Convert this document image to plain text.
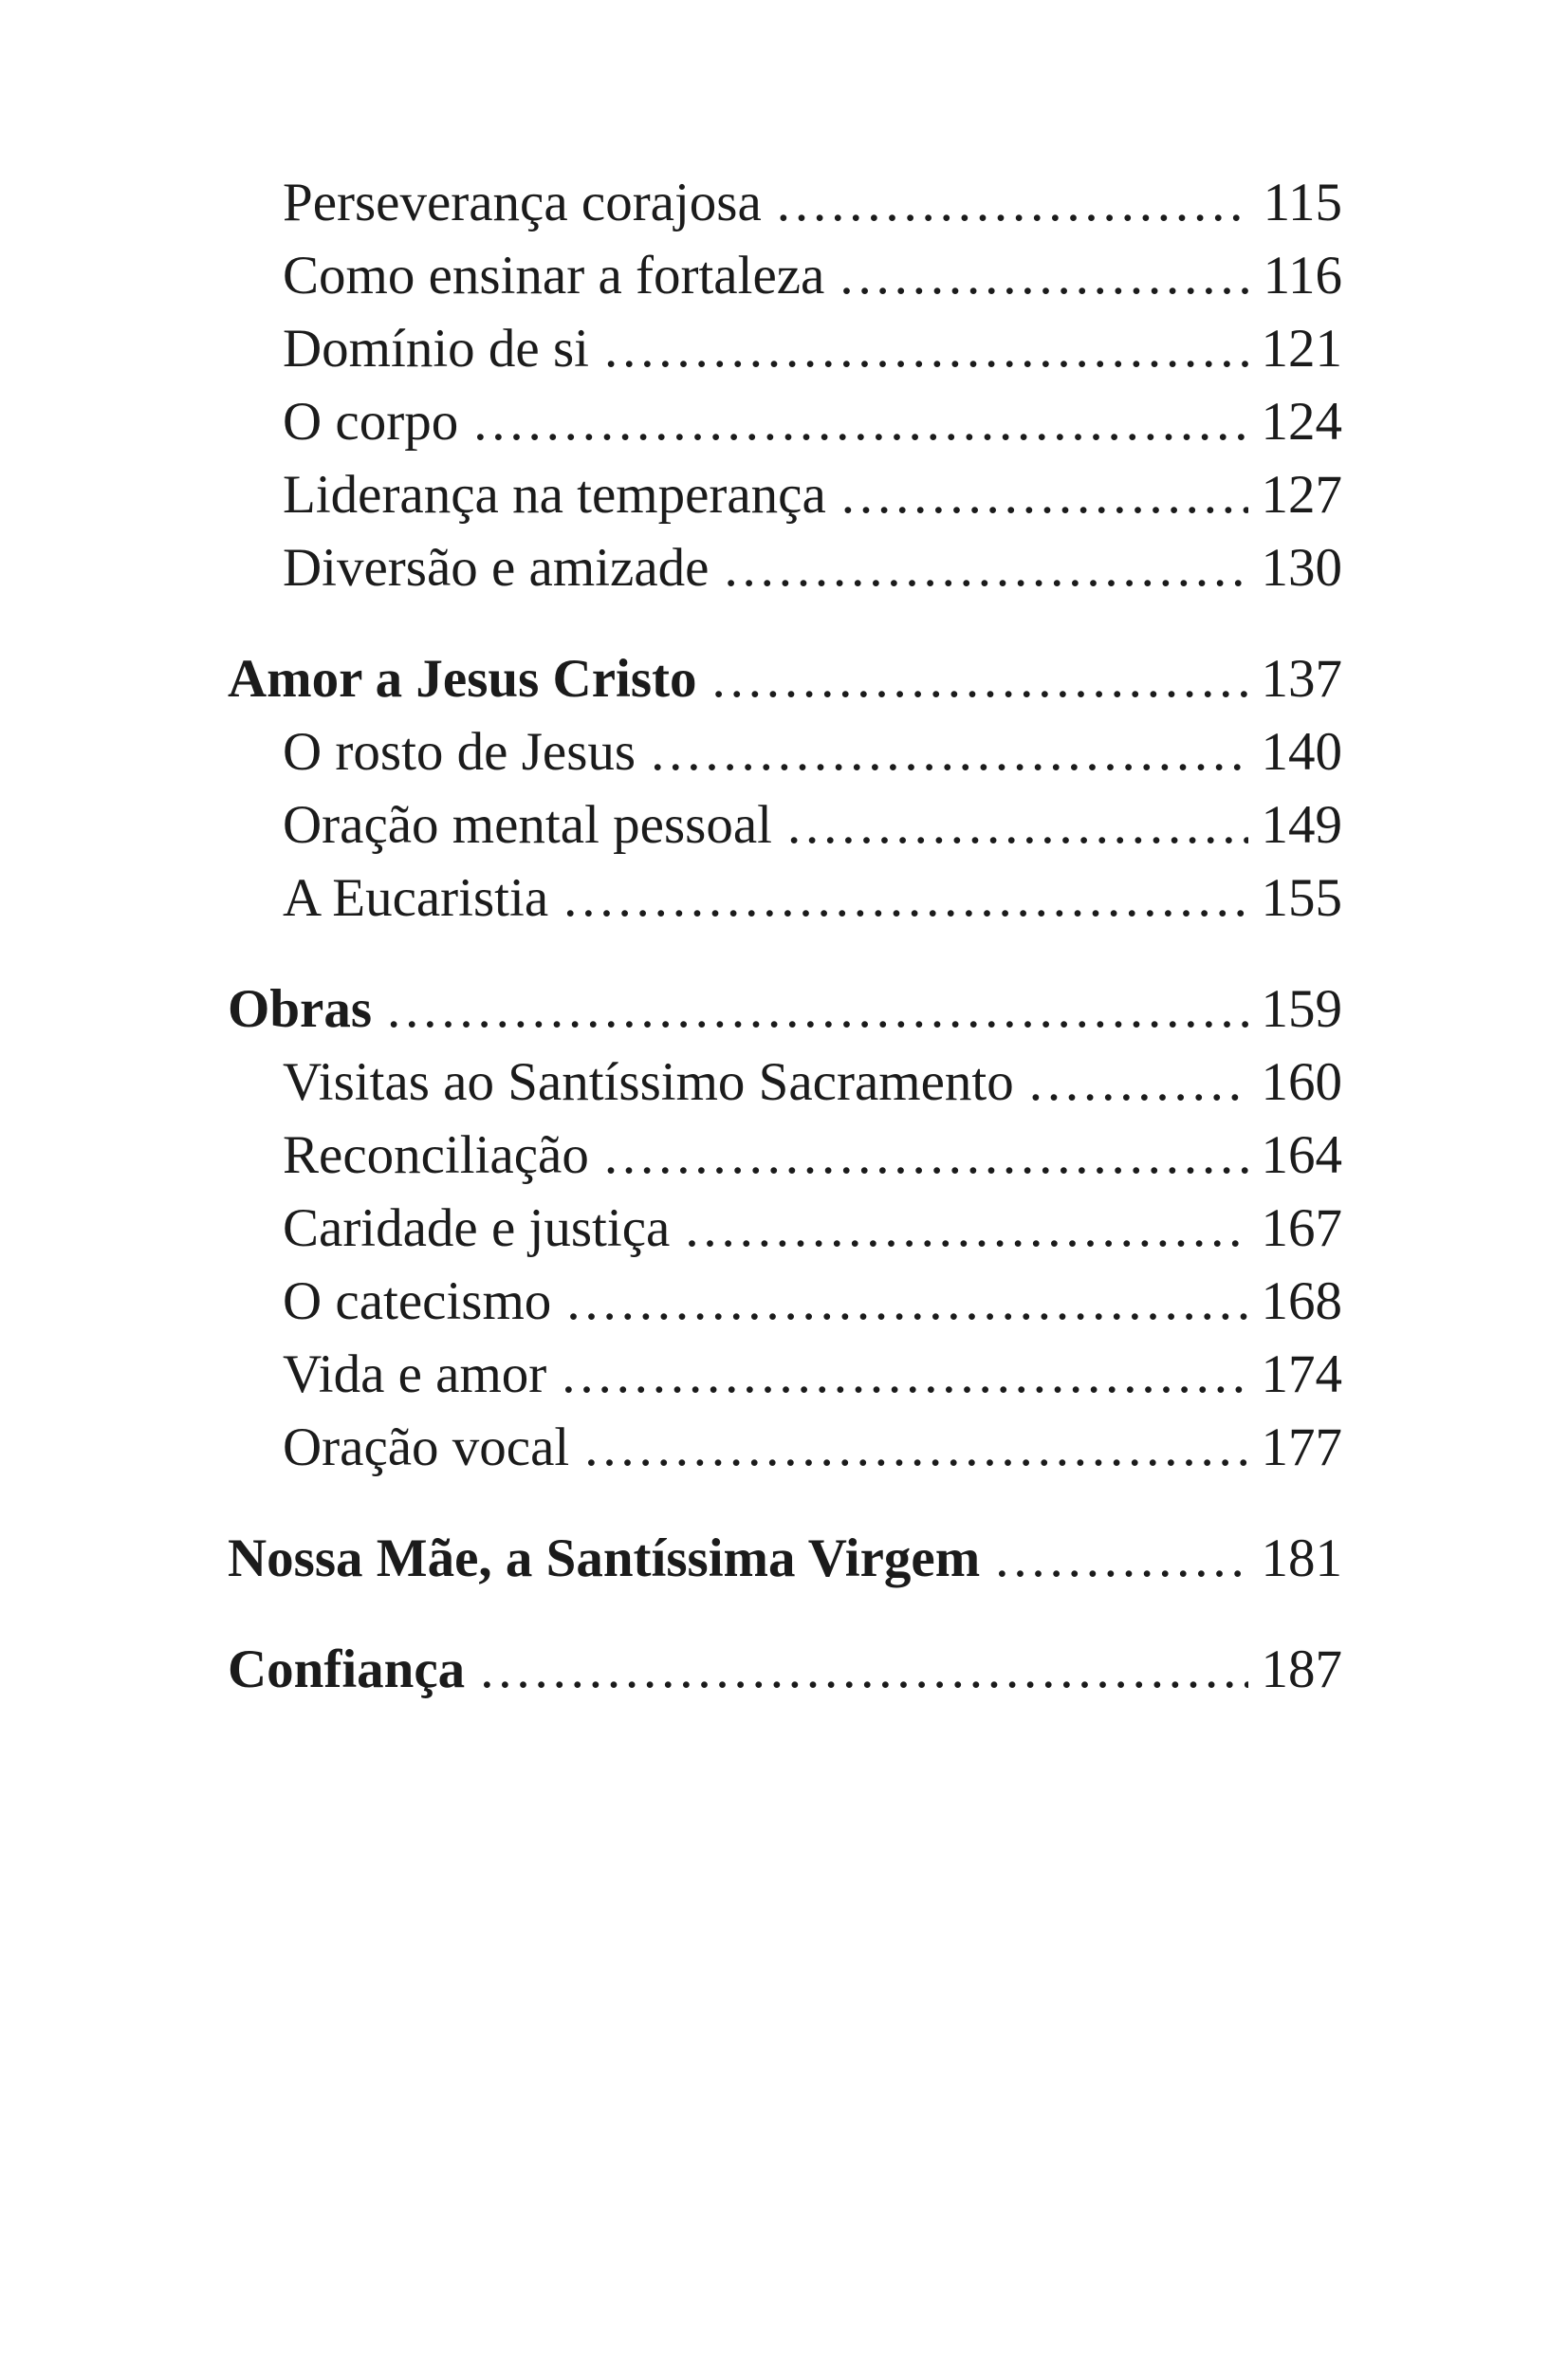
Perseverança corajosa .....	115
Como ensinar a fortaleza .....	116
Domínio de si .....	121
O corpo .....	124
Liderança na temperança .....	127
Diversão e amizade .....	130
Amor a Jesus Cristo .....	137
O rosto de Jesus .....	140
Oração mental pessoal .....	149
A Eucaristia .....	155
Obras .....	159
Visitas ao Santíssimo Sacramento .....	160
Reconciliação .....	164
Caridade e justiça .....	167
O catecismo .....	168
Vida e amor .....	174
Oração vocal .....	177
Nossa Mãe, a Santíssima Virgem .....	181
Confiança .....	187
